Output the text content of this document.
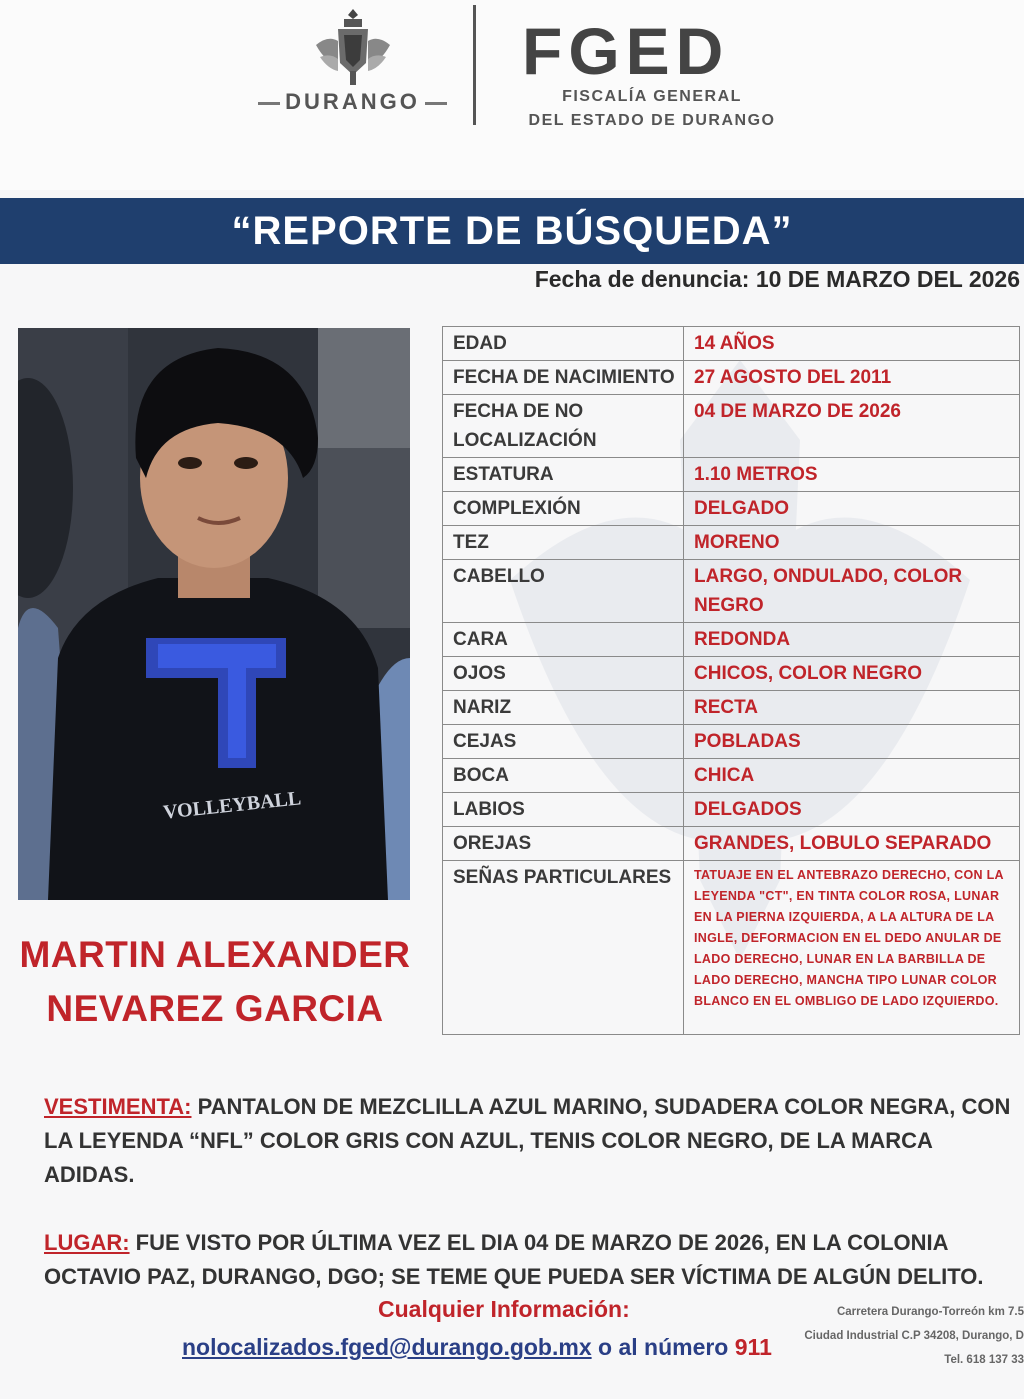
DURANGO
FGED
FISCALÍA GENERAL
DEL ESTADO DE DURANGO
“REPORTE DE BÚSQUEDA”
Fecha de denuncia: 10 DE MARZO DEL 2026
VOLLEYBALL
MARTIN ALEXANDER
NEVAREZ GARCIA
EDAD	14 AÑOS
FECHA DE NACIMIENTO	27 AGOSTO DEL 2011
FECHA DE NO LOCALIZACIÓN	04 DE MARZO DE 2026
ESTATURA	1.10 METROS
COMPLEXIÓN	DELGADO
TEZ	MORENO
CABELLO	LARGO, ONDULADO, COLOR NEGRO
CARA	REDONDA
OJOS	CHICOS, COLOR NEGRO
NARIZ	RECTA
CEJAS	POBLADAS
BOCA	CHICA
LABIOS	DELGADOS
OREJAS	GRANDES, LOBULO SEPARADO
SEÑAS PARTICULARES	TATUAJE EN EL ANTEBRAZO DERECHO, CON LA LEYENDA "CT", EN TINTA COLOR ROSA, LUNAR EN LA PIERNA IZQUIERDA, A LA ALTURA DE LA INGLE, DEFORMACION EN EL DEDO ANULAR DE LADO DERECHO, LUNAR EN LA BARBILLA DE LADO DERECHO, MANCHA TIPO LUNAR COLOR BLANCO EN EL OMBLIGO DE LADO IZQUIERDO.
VESTIMENTA: PANTALON DE MEZCLILLA AZUL MARINO, SUDADERA COLOR NEGRA, CON LA LEYENDA “NFL” COLOR GRIS CON AZUL, TENIS COLOR NEGRO, DE LA MARCA ADIDAS.
LUGAR: FUE VISTO POR ÚLTIMA VEZ EL DIA 04 DE MARZO DE 2026, EN LA COLONIA OCTAVIO PAZ, DURANGO, DGO; SE TEME QUE PUEDA SER VÍCTIMA DE ALGÚN DELITO.
Cualquier Información:
nolocalizados.fged@durango.gob.mx o al número 911
Carretera Durango-Torreón km 7.5
Ciudad Industrial C.P 34208, Durango, D
Tel. 618 137 33
